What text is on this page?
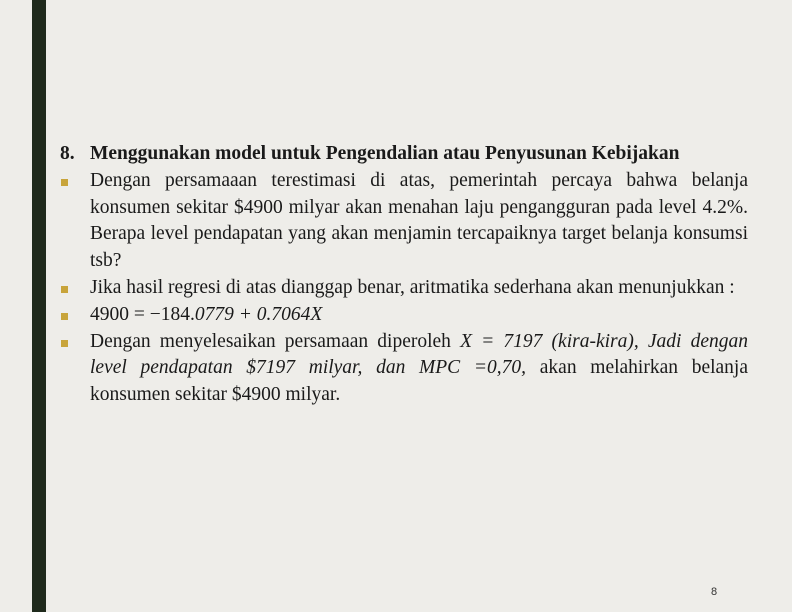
8. Menggunakan model untuk Pengendalian atau Penyusunan Kebijakan
Dengan persamaaan terestimasi di atas, pemerintah percaya bahwa belanja konsumen sekitar $4900 milyar akan menahan laju pengangguran pada level 4.2%. Berapa level pendapatan yang akan menjamin tercapaiknya target belanja konsumsi tsb?
Jika hasil regresi di atas dianggap benar, aritmatika sederhana akan menunjukkan :
4900 = −184.0779 + 0.7064X
Dengan menyelesaikan persamaan diperoleh X = 7197 (kira-kira), Jadi dengan level pendapatan $7197 milyar, dan MPC =0,70, akan melahirkan belanja konsumen sekitar $4900 milyar.
8
